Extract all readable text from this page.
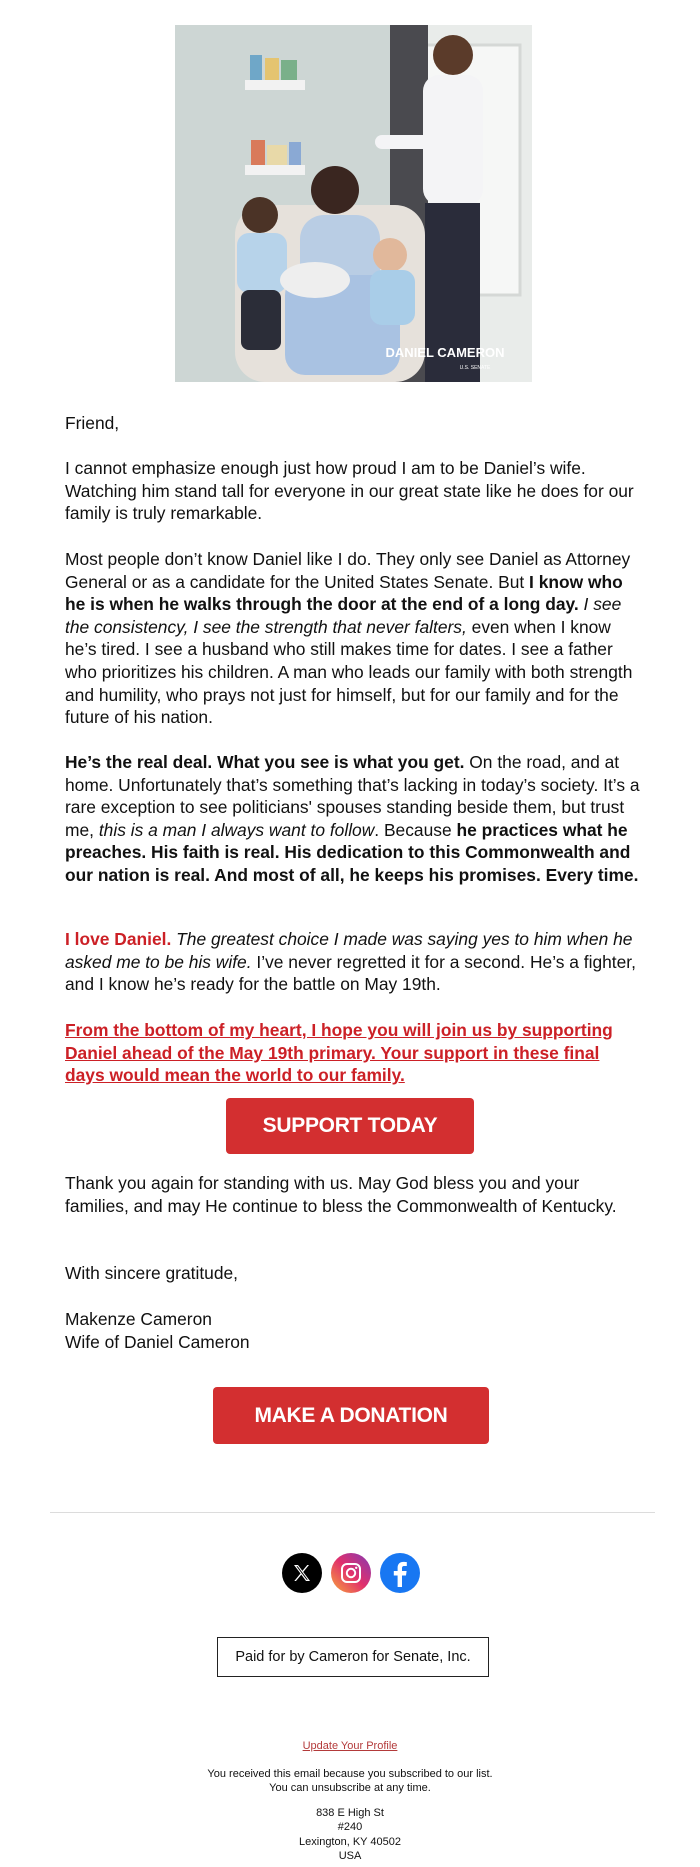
DANIEL CAMERON
U.S. SENATE

Friend,

I cannot emphasize enough just how proud I am to be Daniel’s wife. Watching him stand tall for everyone in our great state like he does for our family is truly remarkable.

Most people don’t know Daniel like I do. They only see Daniel as Attorney General or as a candidate for the United States Senate. But I know who he is when he walks through the door at the end of a long day. I see the consistency, I see the strength that never falters, even when I know he’s tired. I see a husband who still makes time for dates. I see a father who prioritizes his children. A man who leads our family with both strength and humility, who prays not just for himself, but for our family and for the future of his nation.

He’s the real deal. What you see is what you get. On the road, and at home. Unfortunately that’s something that’s lacking in today’s society. It’s a rare exception to see politicians' spouses standing beside them, but trust me, this is a man I always want to follow. Because he practices what he preaches. His faith is real. His dedication to this Commonwealth and our nation is real. And most of all, he keeps his promises. Every time.

I love Daniel. The greatest choice I made was saying yes to him when he asked me to be his wife. I’ve never regretted it for a second. He’s a fighter, and I know he’s ready for the battle on May 19th.

From the bottom of my heart, I hope you will join us by supporting Daniel ahead of the May 19th primary. Your support in these final days would mean the world to our family.

SUPPORT TODAY

Thank you again for standing with us. May God bless you and your families, and may He continue to bless the Commonwealth of Kentucky.

With sincere gratitude,

Makenze Cameron

Wife of Daniel Cameron

MAKE A DONATION
Paid for by Cameron for Senate, Inc.
Update Your Profile
You received this email because you subscribed to our list.
You can unsubscribe at any time.
838 E High St
#240
Lexington, KY 40502
USA
